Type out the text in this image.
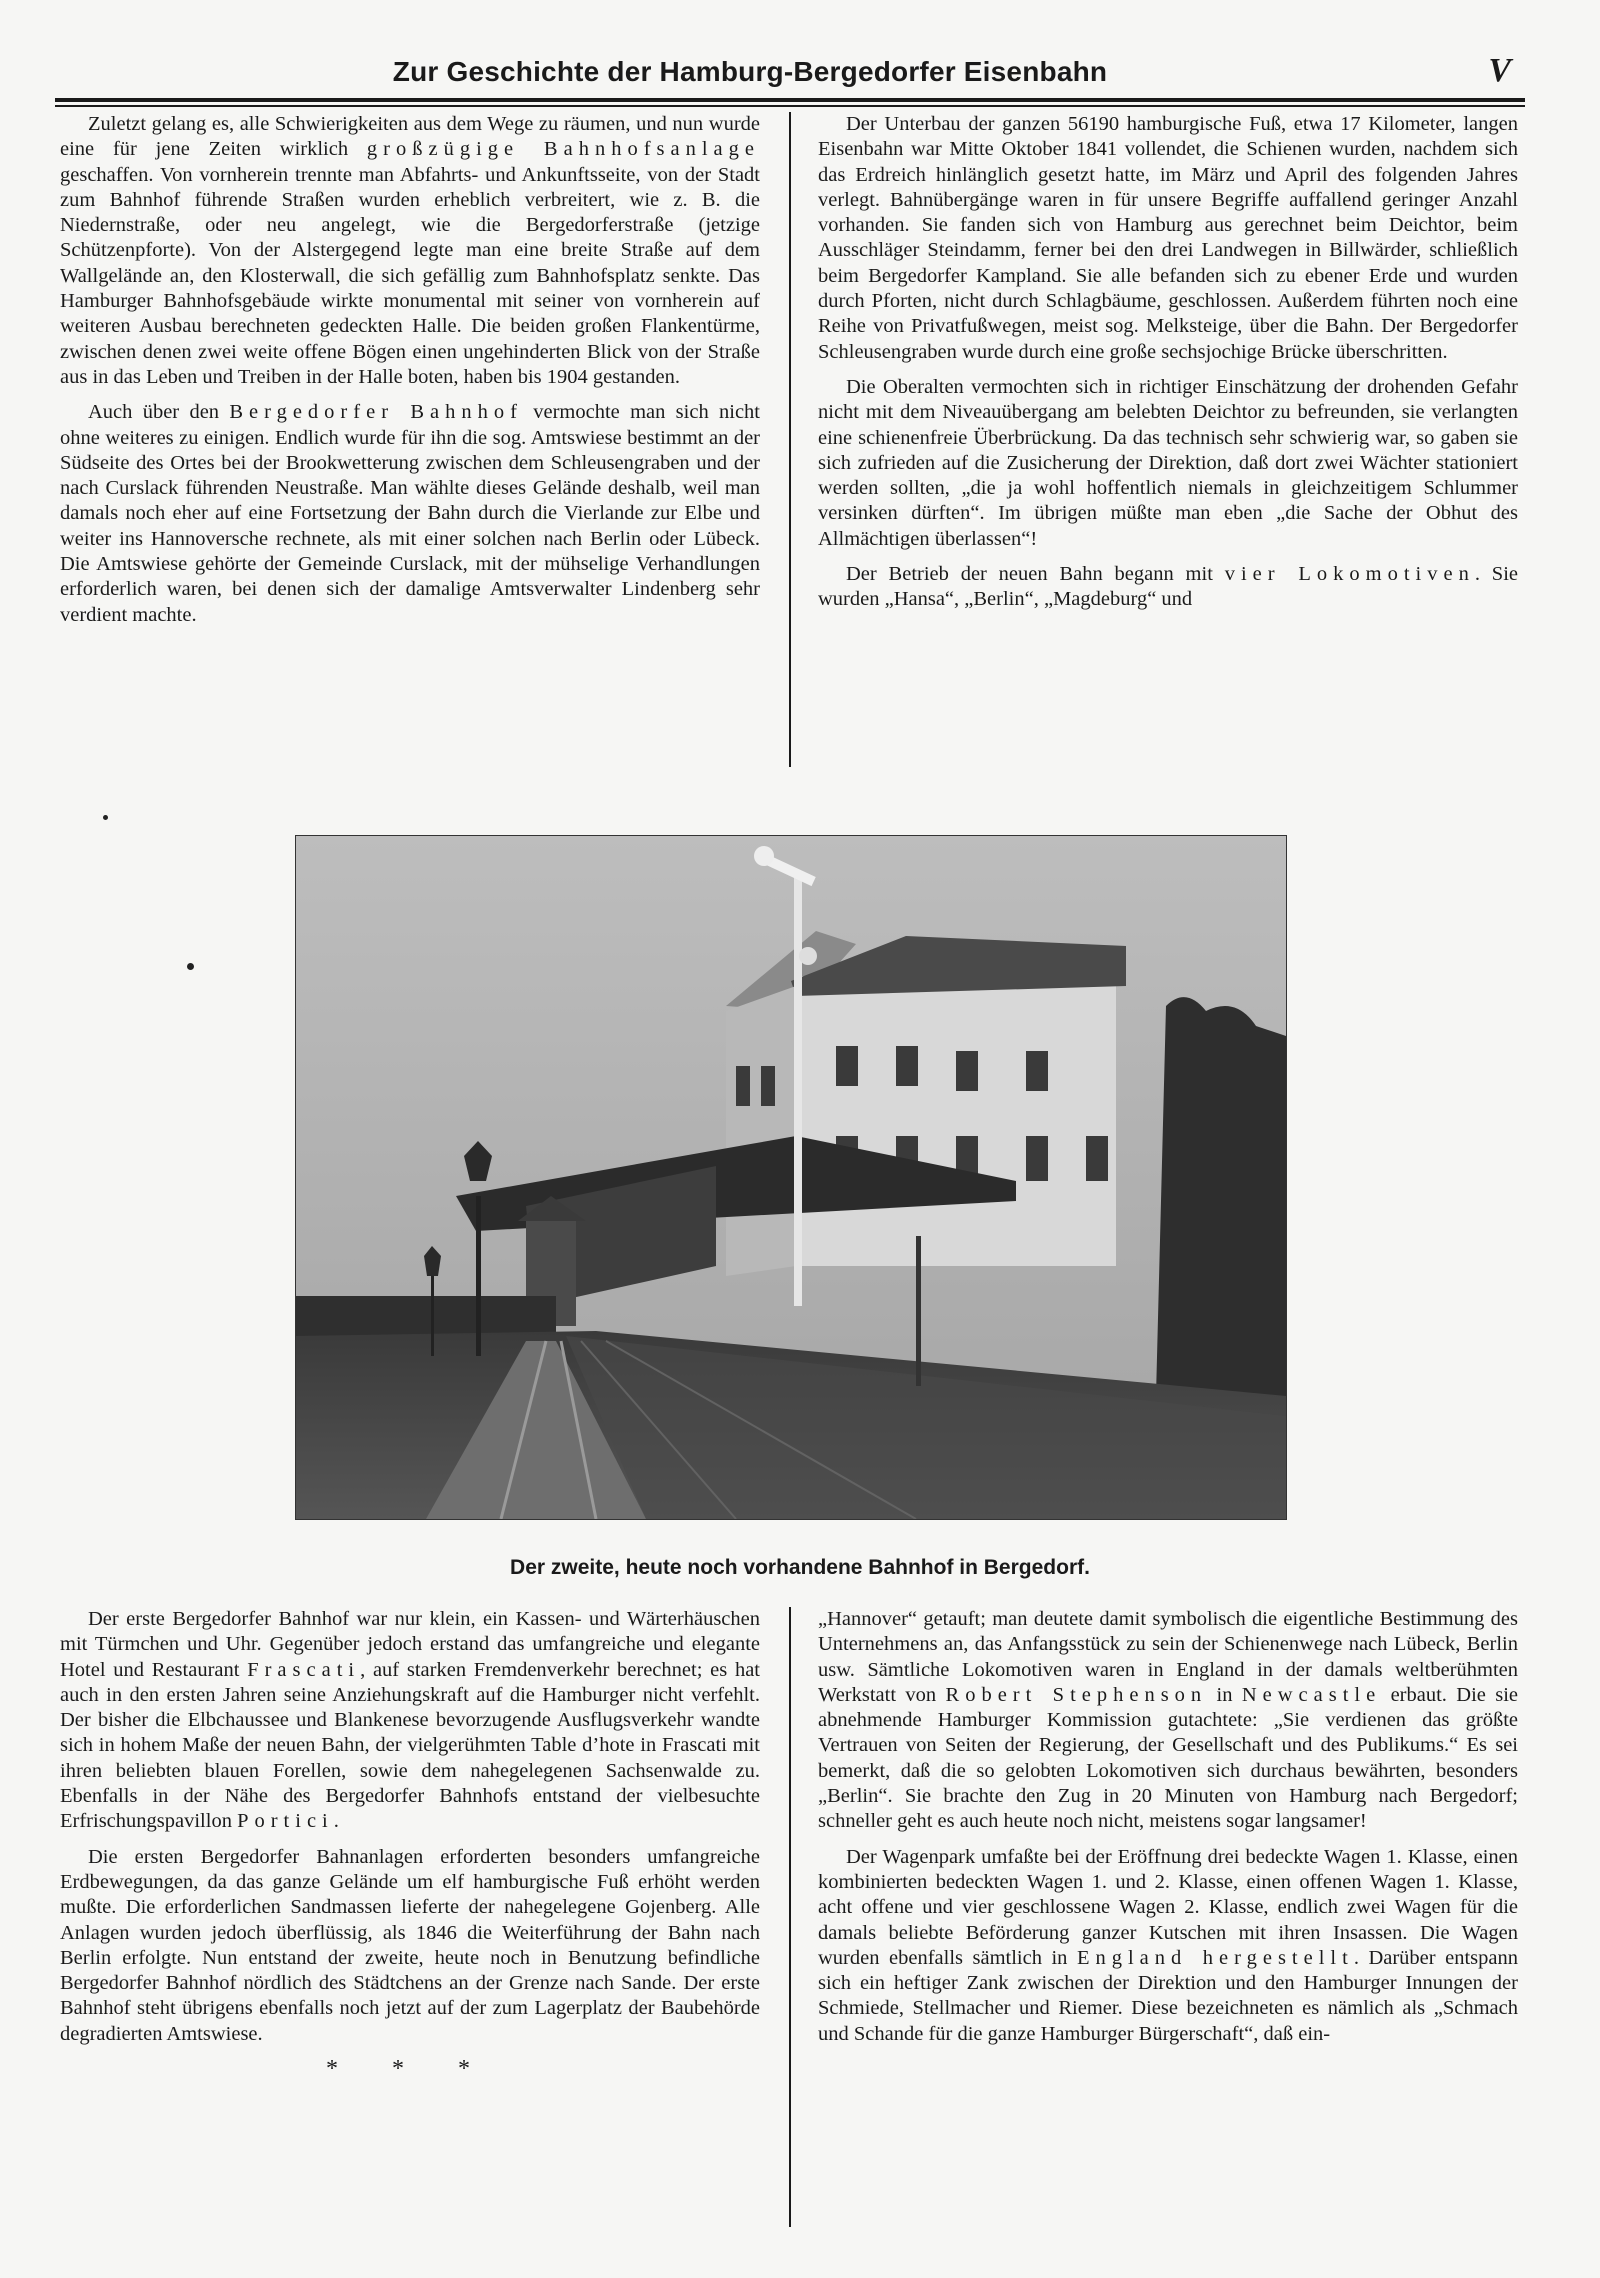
Zur Geschichte der Hamburg-Bergedorfer Eisenbahn	V

Zuletzt gelang es, alle Schwierigkeiten aus dem Wege zu räumen, und nun wurde eine für jene Zeiten wirklich großzügige Bahnhofsanlage geschaffen. Von vornherein trennte man Abfahrts- und Ankunftsseite, von der Stadt zum Bahnhof führende Straßen wurden erheblich verbreitert, wie z. B. die Niedernstraße, oder neu angelegt, wie die Bergedorferstraße (jetzige Schützenpforte). Von der Alstergegend legte man eine breite Straße auf dem Wallgelände an, den Klosterwall, die sich gefällig zum Bahnhofsplatz senkte. Das Hamburger Bahnhofsgebäude wirkte monumental mit seiner von vornherein auf weiteren Ausbau berechneten gedeckten Halle. Die beiden großen Flankentürme, zwischen denen zwei weite offene Bögen einen ungehinderten Blick von der Straße aus in das Leben und Treiben in der Halle boten, haben bis 1904 gestanden.

Auch über den Bergedorfer Bahnhof vermochte man sich nicht ohne weiteres zu einigen. Endlich wurde für ihn die sog. Amtswiese bestimmt an der Südseite des Ortes bei der Brookwetterung zwischen dem Schleusengraben und der nach Curslack führenden Neustraße. Man wählte dieses Gelände deshalb, weil man damals noch eher auf eine Fortsetzung der Bahn durch die Vierlande zur Elbe und weiter ins Hannoversche rechnete, als mit einer solchen nach Berlin oder Lübeck. Die Amtswiese gehörte der Gemeinde Curslack, mit der mühselige Verhandlungen erforderlich waren, bei denen sich der damalige Amtsverwalter Lindenberg sehr verdient machte.

Der Unterbau der ganzen 56190 hamburgische Fuß, etwa 17 Kilometer, langen Eisenbahn war Mitte Oktober 1841 vollendet, die Schienen wurden, nachdem sich das Erdreich hinlänglich gesetzt hatte, im März und April des folgenden Jahres verlegt. Bahnübergänge waren in für unsere Begriffe auffallend geringer Anzahl vorhanden. Sie fanden sich von Hamburg aus gerechnet beim Deichtor, beim Ausschläger Steindamm, ferner bei den drei Landwegen in Billwärder, schließlich beim Bergedorfer Kampland. Sie alle befanden sich zu ebener Erde und wurden durch Pforten, nicht durch Schlagbäume, geschlossen. Außerdem führten noch eine Reihe von Privatfußwegen, meist sog. Melksteige, über die Bahn. Der Bergedorfer Schleusengraben wurde durch eine große sechsjochige Brücke überschritten.

Die Oberalten vermochten sich in richtiger Einschätzung der drohenden Gefahr nicht mit dem Niveauübergang am belebten Deichtor zu befreunden, sie verlangten eine schienenfreie Überbrückung. Da das technisch sehr schwierig war, so gaben sie sich zufrieden auf die Zusicherung der Direktion, daß dort zwei Wächter stationiert werden sollten, „die ja wohl hoffentlich niemals in gleichzeitigem Schlummer versinken dürften“. Im übrigen müßte man eben „die Sache der Obhut des Allmächtigen überlassen“!

Der Betrieb der neuen Bahn begann mit vier Lokomotiven. Sie wurden „Hansa“, „Berlin“, „Magdeburg“ und

Der zweite, heute noch vorhandene Bahnhof in Bergedorf.

Der erste Bergedorfer Bahnhof war nur klein, ein Kassen- und Wärterhäuschen mit Türmchen und Uhr. Gegenüber jedoch erstand das umfangreiche und elegante Hotel und Restaurant Frascati, auf starken Fremdenverkehr berechnet; es hat auch in den ersten Jahren seine Anziehungskraft auf die Hamburger nicht verfehlt. Der bisher die Elbchaussee und Blankenese bevorzugende Ausflugsverkehr wandte sich in hohem Maße der neuen Bahn, der vielgerühmten Table d’hote in Frascati mit ihren beliebten blauen Forellen, sowie dem nahegelegenen Sachsenwalde zu. Ebenfalls in der Nähe des Bergedorfer Bahnhofs entstand der vielbesuchte Erfrischungspavillon Portici.

Die ersten Bergedorfer Bahnanlagen erforderten besonders umfangreiche Erdbewegungen, da das ganze Gelände um elf hamburgische Fuß erhöht werden mußte. Die erforderlichen Sandmassen lieferte der nahegelegene Gojenberg. Alle Anlagen wurden jedoch überflüssig, als 1846 die Weiterführung der Bahn nach Berlin erfolgte. Nun entstand der zweite, heute noch in Benutzung befindliche Bergedorfer Bahnhof nördlich des Städtchens an der Grenze nach Sande. Der erste Bahnhof steht übrigens ebenfalls noch jetzt auf der zum Lagerplatz der Baubehörde degradierten Amtswiese.

* * *

„Hannover“ getauft; man deutete damit symbolisch die eigentliche Bestimmung des Unternehmens an, das Anfangsstück zu sein der Schienenwege nach Lübeck, Berlin usw. Sämtliche Lokomotiven waren in England in der damals weltberühmten Werkstatt von Robert Stephenson in Newcastle erbaut. Die sie abnehmende Hamburger Kommission gutachtete: „Sie verdienen das größte Vertrauen von Seiten der Regierung, der Gesellschaft und des Publikums.“ Es sei bemerkt, daß die so gelobten Lokomotiven sich durchaus bewährten, besonders „Berlin“. Sie brachte den Zug in 20 Minuten von Hamburg nach Bergedorf; schneller geht es auch heute noch nicht, meistens sogar langsamer!

Der Wagenpark umfaßte bei der Eröffnung drei bedeckte Wagen 1. Klasse, einen kombinierten bedeckten Wagen 1. und 2. Klasse, einen offenen Wagen 1. Klasse, acht offene und vier geschlossene Wagen 2. Klasse, endlich zwei Wagen für die damals beliebte Beförderung ganzer Kutschen mit ihren Insassen. Die Wagen wurden ebenfalls sämtlich in England hergestellt. Darüber entspann sich ein heftiger Zank zwischen der Direktion und den Hamburger Innungen der Schmiede, Stellmacher und Riemer. Diese bezeichneten es nämlich als „Schmach und Schande für die ganze Hamburger Bürgerschaft“, daß ein-
